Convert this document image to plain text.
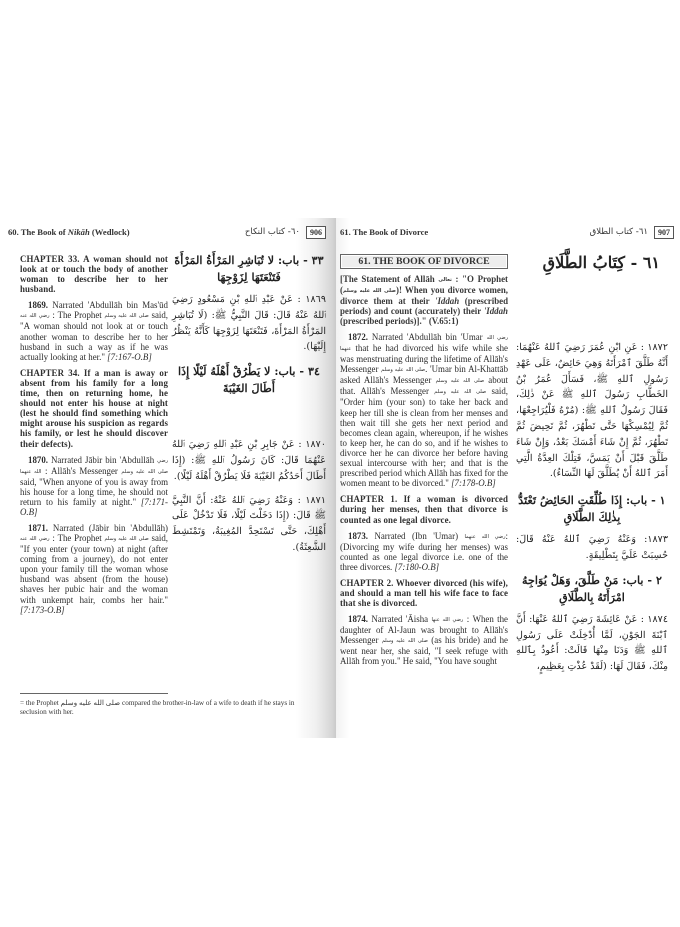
60. The Book of Nikāh (Wedlock)	906
٦٠- كتاب النكاح

CHAPTER 33. A woman should not look at or touch the body of another woman to describe her to her husband.

1869. Narrated 'Abdullāh bin Mas'ūd رضي الله عنه : The Prophet صلى الله عليه وسلم said, "A woman should not look at or touch another woman to describe her to her husband in such a way as if he was actually looking at her." [7:167-O.B]

CHAPTER 34. If a man is away or absent from his family for a long time, then on returning home, he should not enter his house at night (lest he should find something which might arouse his suspicion as regards his family, or lest he should discover their defects).

1870. Narrated Jābir bin 'Abdullāh رضي الله عنهما : Allāh's Messenger صلى الله عليه وسلم said, "When anyone of you is away from his house for a long time, he should not return to his family at night." [7:171-O.B]

1871. Narrated (Jābir bin 'Abdullāh) رضي الله عنه : The Prophet صلى الله عليه وسلم said, "If you enter (your town) at night (after coming from a journey), do not enter upon your family till the woman whose husband was absent (from the house) shaves her pubic hair and the woman with unkempt hair, combs her hair." [7:173-O.B]

٣٣ - باب: لا تُبَاشِرِ المَرْأَةُ المَرْأَةَ فَتَنْعَتَهَا لِزَوْجِهَا

١٨٦٩ : عَنْ عَبْدِ ٱللهِ بْنِ مَسْعُودٍ رَضِيَ ٱللهُ عَنْهُ قَالَ: قَالَ النَّبِيُّ ﷺ: (لَا تُبَاشِرِ المَرْأَةُ المَرْأَةَ، فَتَنْعَتَهَا لِزَوْجِهَا كَأَنَّهُ يَنْظُرُ إِلَيْهَا).

٣٤ - باب: لا يَطْرُقْ أَهْلَهُ لَيْلًا إِذَا أَطَالَ الغَيْبَةَ

١٨٧٠ : عَنْ جَابِرِ بْنِ عَبْدِ ٱللهِ رَضِيَ ٱللهُ عَنْهُمَا قَالَ: كَانَ رَسُولُ ٱللهِ ﷺ: (إِذَا أَطَالَ أَحَدُكُمُ الغَيْبَةَ فَلَا يَطْرُقْ أَهْلَهُ لَيْلًا).

١٨٧١ : وَعَنْهُ رَضِيَ ٱللهُ عَنْهُ: أَنَّ النَّبِيَّ ﷺ قَالَ: (إِذَا دَخَلْتَ لَيْلًا، فَلَا تَدْخُلْ عَلَى أَهْلِكَ، حَتَّى تَسْتَحِدَّ المُغِيبَةُ، وَتَمْتَشِطَ الشَّعِثَةُ).

= the Prophet صلى الله عليه وسلم compared the brother-in-law of a wife to death if he stays in seclusion with her.

61. The Book of Divorce	907
٦١- كتاب الطلاق
61. THE BOOK OF DIVORCE

[The Statement of Allāh تعالى : "O Prophet (صلى الله عليه وسلم)! When you divorce women, divorce them at their 'Iddah (prescribed periods) and count (accurately) their 'Iddah (prescribed periods)]." (V.65:1)

1872. Narrated 'Abdullāh bin 'Umar رضي الله عنهما that he had divorced his wife while she was menstruating during the lifetime of Allāh's Messenger صلى الله عليه وسلم. 'Umar bin Al-Khattāb asked Allāh's Messenger صلى الله عليه وسلم about that. Allāh's Messenger صلى الله عليه وسلم said, "Order him (your son) to take her back and keep her till she is clean from her menses and then wait till she gets her next period and becomes clean again, whereupon, if he wishes to keep her, he can do so, and if he wishes to divorce her he can divorce her before having sexual intercourse with her; and that is the prescribed period which Allāh has fixed for the women meant to be divorced." [7:178-O.B]

CHAPTER 1. If a woman is divorced during her menses, then that divorce is counted as one legal divorce.

1873. Narrated (Ibn 'Umar) رضي الله عنهما: (Divorcing my wife during her menses) was counted as one legal divorce i.e. one of the three divorces. [7:180-O.B]

CHAPTER 2. Whoever divorced (his wife), and should a man tell his wife face to face that she is divorced.

1874. Narrated 'Āisha رضي الله عنها : When the daughter of Al-Jaun was brought to Allāh's Messenger صلى الله عليه وسلم (as his bride) and he went near her, she said, "I seek refuge with Allāh from you." He said, "You have sought

٦١ - كِتَابُ الطَّلَاقِ

١٨٧٢ : عَنِ ابْنِ عُمَرَ رَضِيَ ٱللهُ عَنْهُمَا: أَنَّهُ طَلَّقَ ٱمْرَأَتَهُ وَهِيَ حَائِضٌ، عَلَى عَهْدِ رَسُولِ ٱللهِ ﷺ، فَسَأَلَ عُمَرُ بْنُ الخَطَّابِ رَسُولَ ٱللهِ ﷺ عَنْ ذٰلِكَ، فَقَالَ رَسُولُ ٱللهِ ﷺ: (مُرْهُ فَلْيُرَاجِعْهَا، ثُمَّ لِيُمْسِكْهَا حَتَّى تَطْهُرَ، ثُمَّ تَحِيضَ ثُمَّ تَطْهُرَ، ثُمَّ إِنْ شَاءَ أَمْسَكَ بَعْدُ، وَإِنْ شَاءَ طَلَّقَ قَبْلَ أَنْ يَمَسَّ، فَتِلْكَ العِدَّةُ الَّتِي أَمَرَ ٱللهُ أَنْ يُطَلَّقَ لَهَا النِّسَاءُ).

١ - باب: إِذَا طُلِّقَتِ الحَائِضُ تَعْتَدُّ بِذٰلِكَ الطَّلَاقِ

١٨٧٣: وَعَنْهُ رَضِيَ ٱللهُ عَنْهُ قَالَ: حُسِبَتْ عَلَيَّ بِتَطْلِيقَةٍ.

٢ - باب: مَنْ طَلَّقَ، وَهَلْ يُوَاجِهُ امْرَأَتَهُ بِالطَّلَاقِ

١٨٧٤ : عَنْ عَائِشَةَ رَضِيَ ٱللهُ عَنْهَا: أَنَّ ٱبْنَةَ الجَوْنِ، لَمَّا أُدْخِلَتْ عَلَى رَسُولِ ٱللهِ ﷺ وَدَنَا مِنْهَا قَالَتْ: أَعُوذُ بِٱللهِ مِنْكَ، فَقَالَ لَهَا: (لَقَدْ عُذْتِ بِعَظِيمٍ،
